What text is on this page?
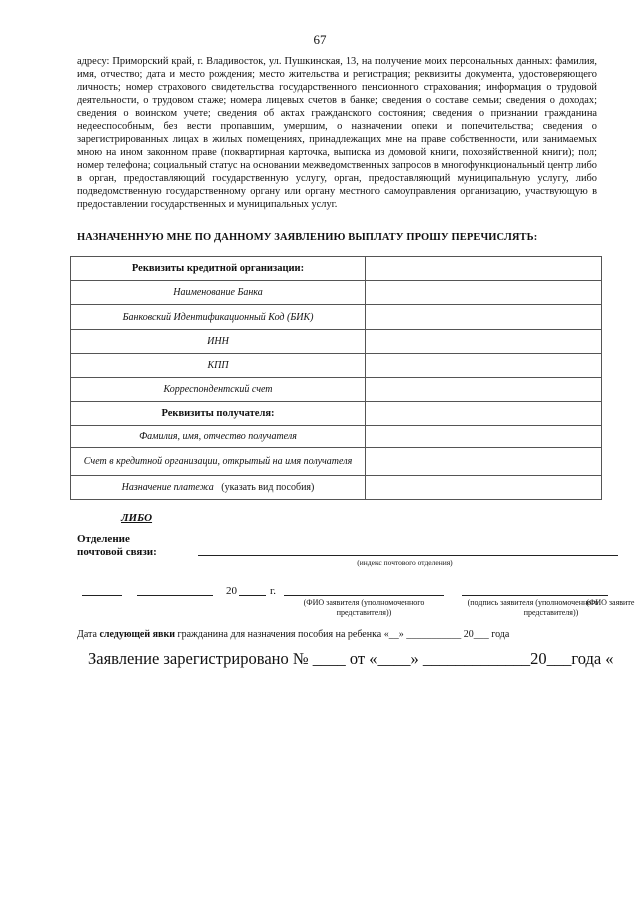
67

адресу: Приморский край, г. Владивосток, ул. Пушкинская, 13, на получение моих персональных данных: фамилия, имя, отчество; дата и место рождения; место жительства и регистрация; реквизиты документа, удостоверяющего личность; номер страхового свидетельства государственного пенсионного страхования; информация о трудовой деятельности, о трудовом стаже; номера лицевых счетов в банке; сведения о составе семьи; сведения о доходах; сведения о воинском учете; сведения об актах гражданского состояния; сведения о признании гражданина недееспособным, без вести пропавшим, умершим, о назначении опеки и попечительства; сведения о зарегистрированных лицах в жилых помещениях, принадлежащих мне на праве собственности, или занимаемых мною на ином законном праве (поквартирная карточка, выписка из домовой книги, похозяйственной книги); пол; номер телефона; социальный статус на основании межведомственных запросов в многофункциональный центр либо в орган, предоставляющий государственную услугу, орган, предоставляющий муниципальную услугу, либо подведомственную государственному органу или органу местного самоуправления организацию, участвующую в предоставлении государственных и муниципальных услуг.

НАЗНАЧЕННУЮ МНЕ ПО ДАННОМУ ЗАЯВЛЕНИЮ ВЫПЛАТУ ПРОШУ ПЕРЕЧИСЛЯТЬ:
Реквизиты кредитной организации:	
Наименование Банка	
Банковский Идентификационный Код (БИК)	
ИНН	
КПП	
Корреспондентский счет	
Реквизиты получателя:	
Фамилия, имя, отчество получателя	
Счет в кредитной организации, открытый на имя получателя	
Назначение платежа (указать вид пособия)	
ЛИБО
Отделение
почтовой связи:
(индекс почтового отделения)
20	г.
(ФИО заявителя (уполномоченного
представителя))
(подпись заявителя (уполномоченного(ФИО заявите
представителя))
Дата следующей явки гражданина для назначения пособия на ребенка «__» ___________ 20___ года
Заявление зарегистрировано № ____ от «____» _____________20___года «
